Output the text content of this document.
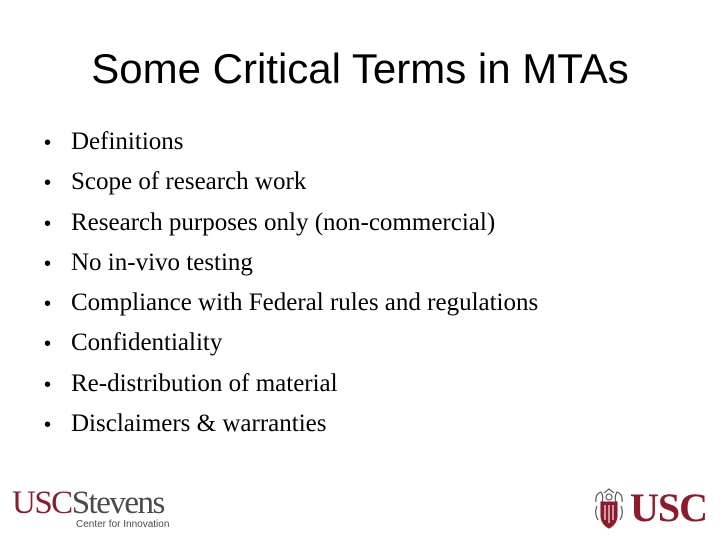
Some Critical Terms in MTAs
• Definitions
• Scope of research work
• Research purposes only (non-commercial)
• No in-vivo testing
• Compliance with Federal rules and regulations
• Confidentiality
• Re-distribution of material
• Disclaimers & warranties
USCStevens
Center for Innovation	USC
